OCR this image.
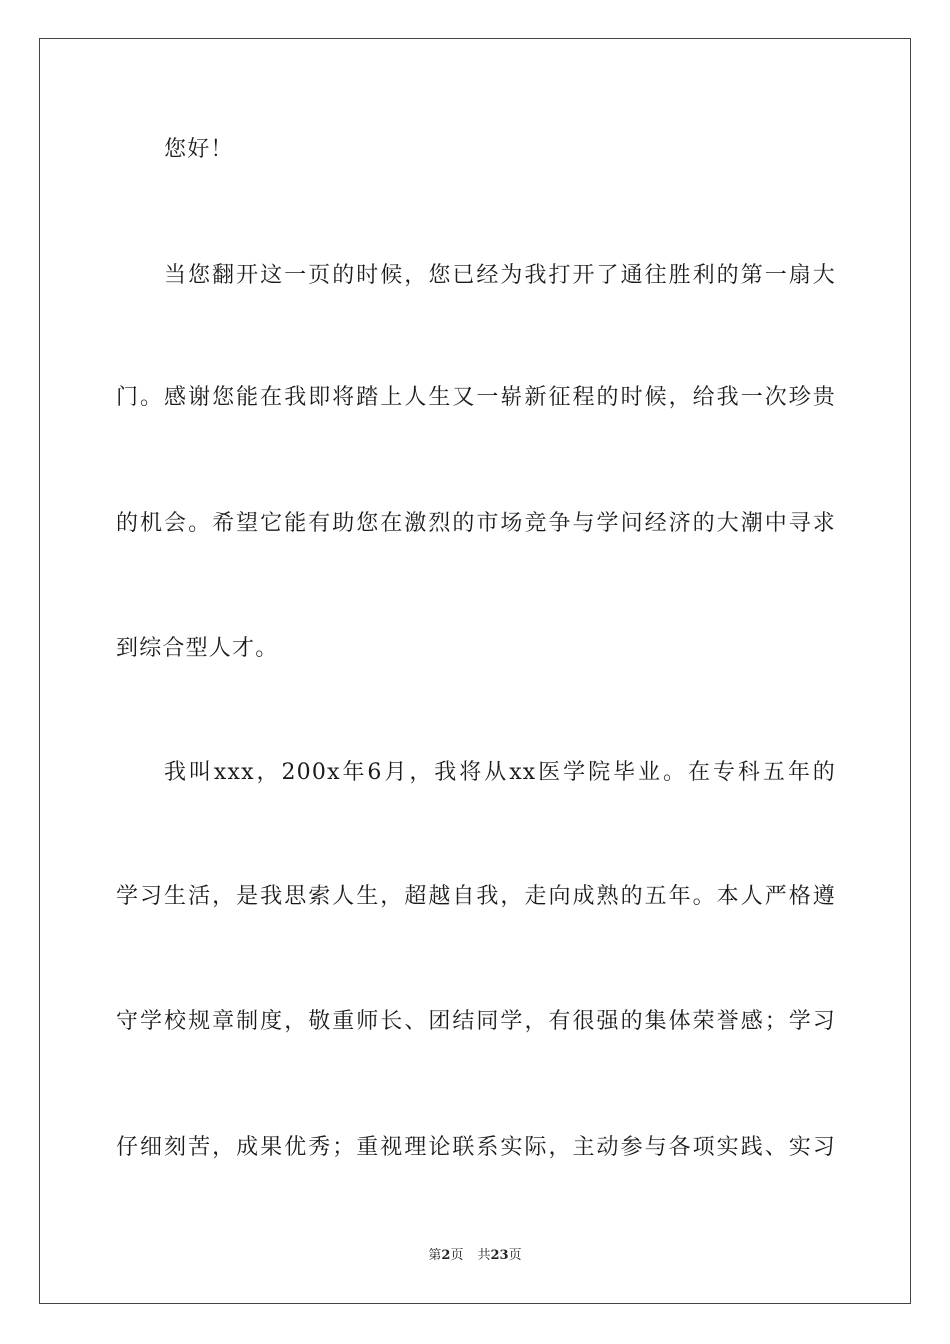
您好！
当您翻开这一页的时候，您已经为我打开了通往胜利的第一扇大
门。感谢您能在我即将踏上人生又一崭新征程的时候，给我一次珍贵
的机会。希望它能有助您在激烈的市场竞争与学问经济的大潮中寻求
到综合型人才。
我叫xxx，200x年6月，我将从xx医学院毕业。在专科五年的
学习生活，是我思索人生，超越自我，走向成熟的五年。本人严格遵
守学校规章制度，敬重师长、团结同学，有很强的集体荣誉感；学习
仔细刻苦，成果优秀；重视理论联系实际，主动参与各项实践、实习
第2页 共23页
